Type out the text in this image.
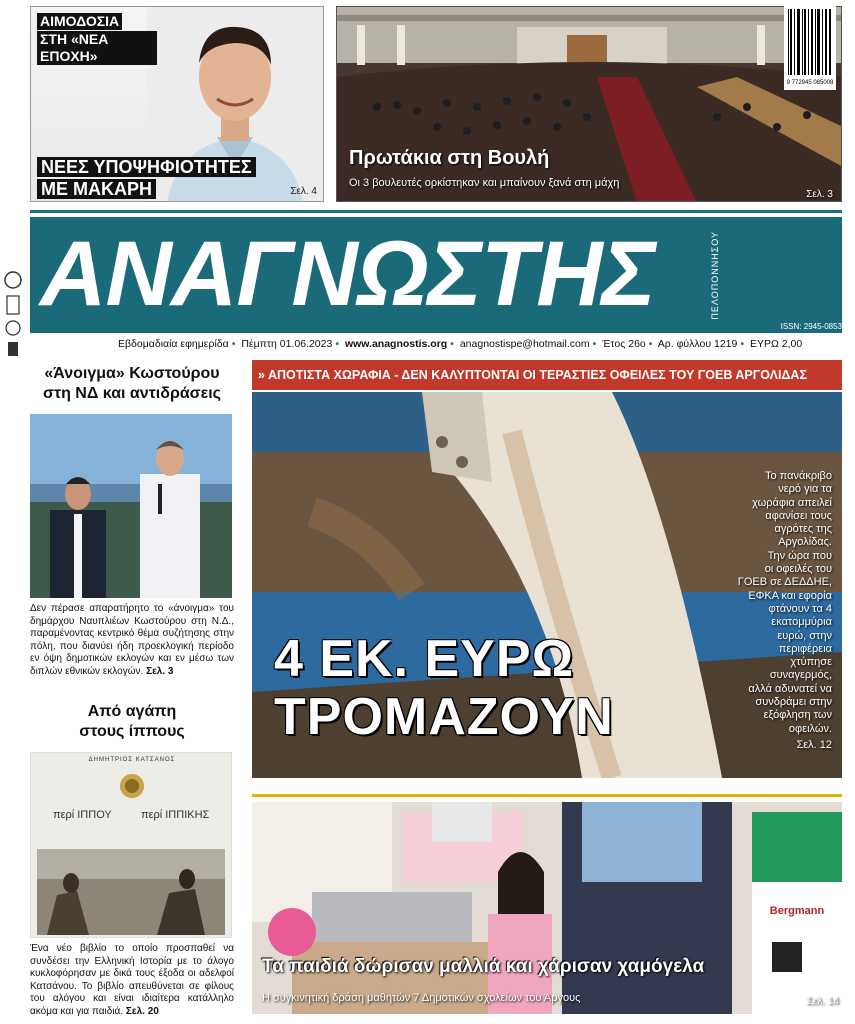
ΑΙΜΟΔΟΣΙΑ
ΣΤΗ «ΝΕΑ ΕΠΟΧΗ»
ΝΕΕΣ ΥΠΟΨΗΦΙΟΤΗΤΕΣ
ΜΕ ΜΑΚΑΡΗ	Σελ. 4
Πρωτάκια στη Βουλή
Οι 3 βουλευτές ορκίστηκαν και μπαίνουν ξανά στη μάχη
Σελ. 3
ΑΝΑΓΝΩΣΤΗΣ	ΠΕΛΟΠΟΝΝΗΣΟΥ
9 772945 085008
ISSN: 2945-0853
Εβδομαδιαία εφημερίδα • Πέμπτη 01.06.2023 • www.anagnostis.org • anagnostispe@hotmail.com • Έτος 26ο • Αρ. φύλλου 1219 • ΕΥΡΩ 2,00
«Άνοιγμα» Κωστούρου
στη ΝΔ και αντιδράσεις
Δεν πέρασε απαρατήρητο το «άνοιγμα» του δημάρχου Ναυπλιέων Κωστούρου στη Ν.Δ., παραμένοντας κεντρικό θέμα συζήτησης στην πόλη, που διανύει ήδη προεκλογική περίοδο εν όψη δημοτικών εκλογών και εν μέσω των διπλών εθνικών εκλογών. Σελ. 3
Από αγάπη
στους ίππους
ΔΗΜΗΤΡΙΟΣ ΚΑΤΣΑΝΟΣ
περί ΙΠΠΟΥ	περί ΙΠΠΙΚΗΣ
Ένα νέο βιβλίο το οποίο προσπαθεί να συνδέσει την Ελληνική Ιστορία με το άλογο κυκλοφόρησαν με δικά τους έξοδα οι αδελφοί Κατσάνου. Το βιβλίο απευθύνεται σε φίλους του αλόγου και είναι ιδιαίτερα κατάλληλο ακόμα και για παιδιά. Σελ. 20
» ΑΠΟΤΙΣΤΑ ΧΩΡΑΦΙΑ - ΔΕΝ ΚΑΛΥΠΤΟΝΤΑΙ ΟΙ ΤΕΡΑΣΤΙΕΣ ΟΦΕΙΛΕΣ ΤΟΥ ΓΟΕΒ ΑΡΓΟΛΙΔΑΣ
4 ΕΚ. ΕΥΡΩ
ΤΡΟΜΑΖΟΥΝ
Το πανάκριβο
νερό για τα
χωράφια απειλεί
αφανίσει τους
αγρότες της
Αργολίδας.
Την ώρα που
οι οφειλές του
ΓΟΕΒ σε ΔΕΔΔΗΕ,
ΕΦΚΑ και εφορία
φτάνουν τα 4
εκατομμύρια
ευρώ, στην
περιφέρεια
χτύπησε
συναγερμός,
αλλά αδυνατεί να
συνδράμει στην
εξόφληση των
οφειλών.
Σελ. 12
Bergmann
Τα παιδιά δώρισαν μαλλιά και χάρισαν χαμόγελα
Η συγκινητική δράση μαθητών 7 Δημοτικών σχολείων του Άργους	Σελ. 14
